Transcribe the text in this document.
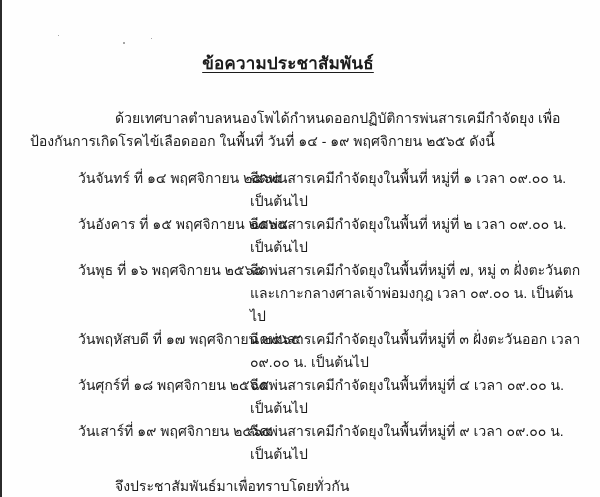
ข้อความประชาสัมพันธ์

ด้วยเทศบาลตำบลหนองโพได้กำหนดออกปฏิบัติการพ่นสารเคมีกำจัดยุง เพื่อป้องกันการเกิดโรคไข้เลือดออก ในพื้นที่ วันที่ ๑๔ - ๑๙ พฤศจิกายน ๒๕๖๕ ดังนี้

วันจันทร์ ที่ ๑๔ พฤศจิกายน ๒๕๖๕
ฉีดพ่นสารเคมีกำจัดยุงในพื้นที่ หมู่ที่ ๑ เวลา ๐๙.๐๐ น. เป็นต้นไป
วันอังคาร ที่ ๑๕ พฤศจิกายน ๒๕๖๕
ฉีดพ่นสารเคมีกำจัดยุงในพื้นที่ หมู่ที่ ๒ เวลา ๐๙.๐๐ น. เป็นต้นไป
วันพุธ ที่ ๑๖ พฤศจิกายน ๒๕๖๕
ฉีดพ่นสารเคมีกำจัดยุงในพื้นที่หมู่ที่ ๗, หมู่ ๓ ฝั่งตะวันตก และเกาะกลางศาลเจ้าพ่อมงกุฎ เวลา ๐๙.๐๐ น. เป็นต้นไป
วันพฤหัสบดี ที่ ๑๗ พฤศจิกายน ๒๕๖๕
ฉีดพ่นสารเคมีกำจัดยุงในพื้นที่หมู่ที่ ๓ ฝั่งตะวันออก เวลา ๐๙.๐๐ น. เป็นต้นไป
วันศุกร์ที่ ๑๘ พฤศจิกายน ๒๕๖๕
ฉีดพ่นสารเคมีกำจัดยุงในพื้นที่หมู่ที่ ๔ เวลา ๐๙.๐๐ น. เป็นต้นไป
วันเสาร์ที่ ๑๙ พฤศจิกายน ๒๕๖๕
ฉีดพ่นสารเคมีกำจัดยุงในพื้นที่หมู่ที่ ๙ เวลา ๐๙.๐๐ น. เป็นต้นไป

จึงประชาสัมพันธ์มาเพื่อทราบโดยทั่วกัน
